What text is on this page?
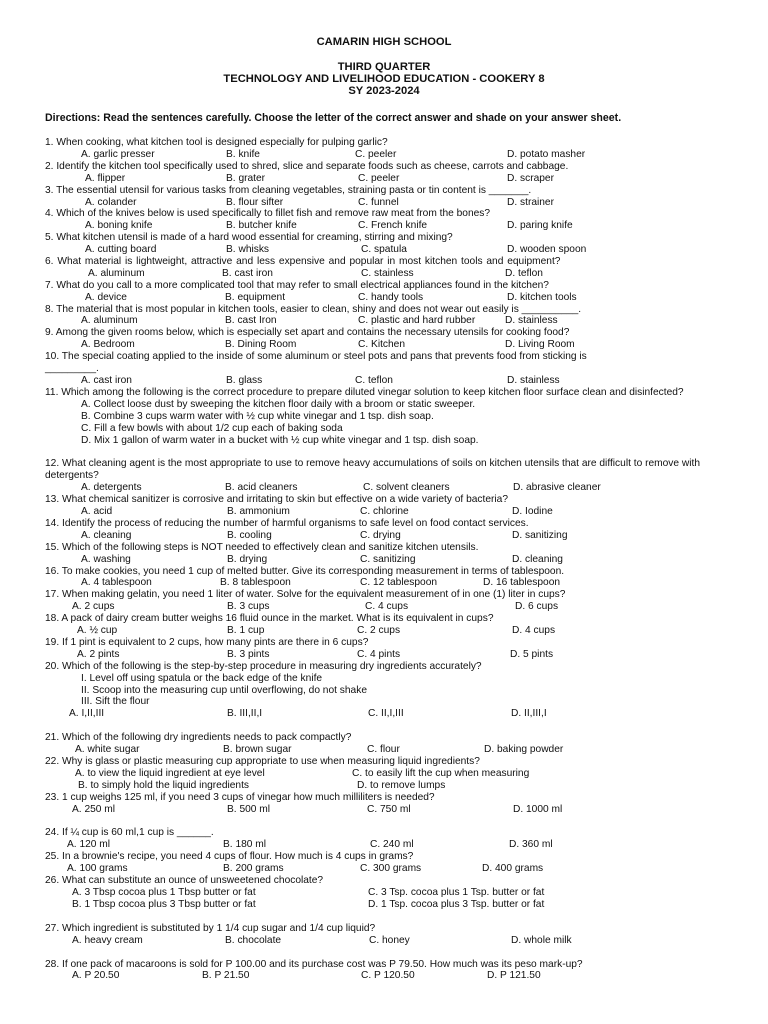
CAMARIN HIGH SCHOOL
THIRD QUARTER
TECHNOLOGY AND LIVELIHOOD EDUCATION - COOKERY 8
SY 2023-2024
Directions: Read the sentences carefully. Choose the letter of the correct answer and shade on your answer sheet.
1. When cooking, what kitchen tool is designed especially for pulping garlic?
A. garlic presser	B. knife	C. peeler	D. potato masher
2. Identify the kitchen tool specifically used to shred, slice and separate foods such as cheese, carrots and cabbage.
A. flipper	B. grater	C. peeler	D. scraper
3. The essential utensil for various tasks from cleaning vegetables, straining pasta or tin content is _______.
A. colander	B. flour sifter	C. funnel	D. strainer
4. Which of the knives below is used specifically to fillet fish and remove raw meat from the bones?
A. boning knife	B. butcher knife	C. French knife	D. paring knife
5. What kitchen utensil is made of a hard wood essential for creaming, stirring and mixing?
A. cutting board	B. whisks	C. spatula	D. wooden spoon
6. What material is lightweight, attractive and less expensive and popular in most kitchen tools and equipment?
A. aluminum	B. cast iron	C. stainless	D. teflon
7. What do you call to a more complicated tool that may refer to small electrical appliances found in the kitchen?
A. device	B. equipment	C. handy tools	D. kitchen tools
8. The material that is most popular in kitchen tools, easier to clean, shiny and does not wear out easily is __________.
A. aluminum	B. cast Iron	C. plastic and hard rubber	D. stainless
9. Among the given rooms below, which is especially set apart and contains the necessary utensils for cooking food?
A. Bedroom	B. Dining Room	C. Kitchen	D. Living Room
10. The special coating applied to the inside of some aluminum or steel pots and pans that prevents food from sticking is
_________.
A. cast iron	B. glass	C. teflon	D. stainless
11. Which among the following is the correct procedure to prepare diluted vinegar solution to keep kitchen floor surface clean and disinfected?
A. Collect loose dust by sweeping the kitchen floor daily with a broom or static sweeper.
B. Combine 3 cups warm water with ½ cup white vinegar and 1 tsp. dish soap.
C. Fill a few bowls with about 1/2 cup each of baking soda
D. Mix 1 gallon of warm water in a bucket with ½ cup white vinegar and 1 tsp. dish soap.
12. What cleaning agent is the most appropriate to use to remove heavy accumulations of soils on kitchen utensils that are difficult to remove with detergents?
A. detergents	B. acid cleaners	C. solvent cleaners	D. abrasive cleaner
13. What chemical sanitizer is corrosive and irritating to skin but effective on a wide variety of bacteria?
A. acid	B. ammonium	C. chlorine	D. Iodine
14. Identify the process of reducing the number of harmful organisms to safe level on food contact services.
A. cleaning	B. cooling	C. drying	D. sanitizing
15. Which of the following steps is NOT needed to effectively clean and sanitize kitchen utensils.
A. washing	B. drying	C. sanitizing	D. cleaning
16. To make cookies, you need 1 cup of melted butter. Give its corresponding measurement in terms of tablespoon.
A. 4 tablespoon	B. 8 tablespoon	C. 12 tablespoon	D. 16 tablespoon
17. When making gelatin, you need 1 liter of water. Solve for the equivalent measurement of in one (1) liter in cups?
A. 2 cups	B. 3 cups	C. 4 cups	D. 6 cups
18. A pack of dairy cream butter weighs 16 fluid ounce in the market. What is its equivalent in cups?
A. ½ cup	B. 1 cup	C. 2 cups	D. 4 cups
19. If 1 pint is equivalent to 2 cups, how many pints are there in 6 cups?
A. 2 pints	B. 3 pints	C. 4 pints	D. 5 pints
20. Which of the following is the step-by-step procedure in measuring dry ingredients accurately?
I. Level off using spatula or the back edge of the knife
II. Scoop into the measuring cup until overflowing, do not shake
III. Sift the flour
A. I,II,III	B. III,II,I	C. II,I,III	D. II,III,I
21. Which of the following dry ingredients needs to pack compactly?
A. white sugar	B. brown sugar	C. flour	D. baking powder
22. Why is glass or plastic measuring cup appropriate to use when measuring liquid ingredients?
A. to view the liquid ingredient at eye level	C. to easily lift the cup when measuring
B. to simply hold the liquid ingredients	D. to remove lumps
23. 1 cup weighs 125 ml, if you need 3 cups of vinegar how much milliliters is needed?
A. 250 ml	B. 500 ml	C. 750 ml	D. 1000 ml
24. If ¼ cup is 60 ml,1 cup is ______.
A. 120 ml	B. 180 ml	C. 240 ml	D. 360 ml
25. In a brownie's recipe, you need 4 cups of flour. How much is 4 cups in grams?
A. 100 grams	B. 200 grams	C. 300 grams	D. 400 grams
26. What can substitute an ounce of unsweetened chocolate?
A. 3 Tbsp cocoa plus 1 Tbsp butter or fat	C. 3 Tsp. cocoa plus 1 Tsp. butter or fat
B. 1 Tbsp cocoa plus 3 Tbsp butter or fat	D. 1 Tsp. cocoa plus 3 Tsp. butter or fat
27. Which ingredient is substituted by 1 1/4 cup sugar and 1/4 cup liquid?
A. heavy cream	B. chocolate	C. honey	D. whole milk
28. If one pack of macaroons is sold for P 100.00 and its purchase cost was P 79.50. How much was its peso mark-up?
A. P 20.50	B. P 21.50	C. P 120.50	D. P 121.50
